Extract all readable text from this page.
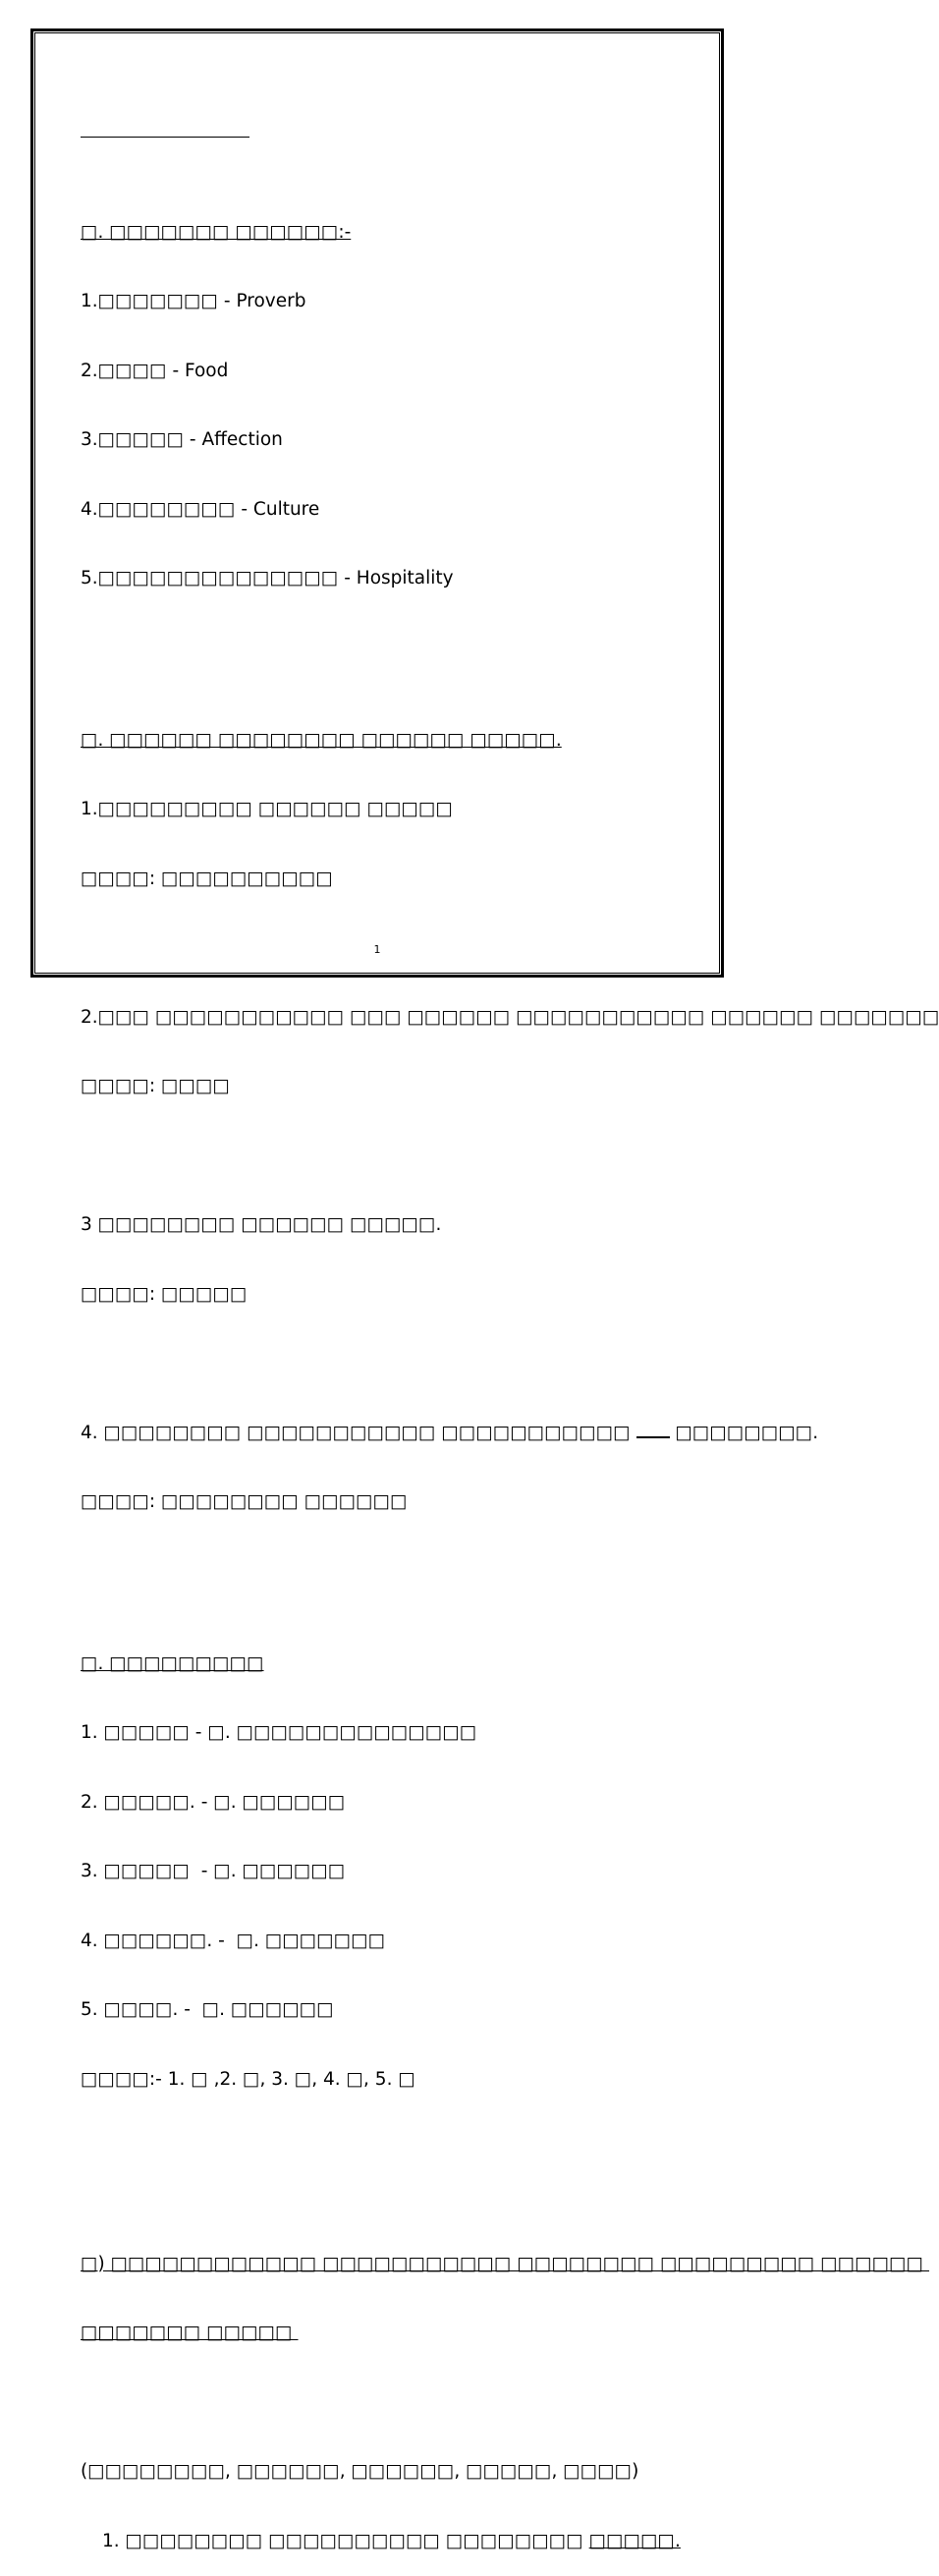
□. □□□□□□□ □□□□□□:-

1.□□□□□□□ - Proverb

2.□□□□ - Food

3.□□□□□ - Affection

4.□□□□□□□□ - Culture

5.□□□□□□□□□□□□□□ - Hospitality

□. □□□□□□ □□□□□□□□ □□□□□□ □□□□□.

1.□□□□□□□□□ □□□□□□ □□□□□

□□□□: □□□□□□□□□□

2.□□□ □□□□□□□□□□□ □□□ □□□□□□ □□□□□□□□□□□ □□□□□□ □□□□□□□

□□□□: □□□□

3 □□□□□□□□ □□□□□□ □□□□□.

□□□□: □□□□□

4. □□□□□□□□ □□□□□□□□□□□ □□□□□□□□□□□  □□□□□□□□.

□□□□: □□□□□□□□ □□□□□□

□. □□□□□□□□□

1. □□□□□ - □. □□□□□□□□□□□□□□

2. □□□□□. - □. □□□□□□

3. □□□□□  - □. □□□□□□

4. □□□□□□. -  □. □□□□□□□

5. □□□□. -  □. □□□□□□

□□□□:- 1. □ ,2. □, 3. □, 4. □, 5. □

□) □□□□□□□□□□□□ □□□□□□□□□□□ □□□□□□□□ □□□□□□□□□ □□□□□□

□□□□□□□ □□□□□

(□□□□□□□□, □□□□□□, □□□□□□, □□□□□, □□□□)

1. □□□□□□□□ □□□□□□□□□□ □□□□□□□□ □□□□□.

1
